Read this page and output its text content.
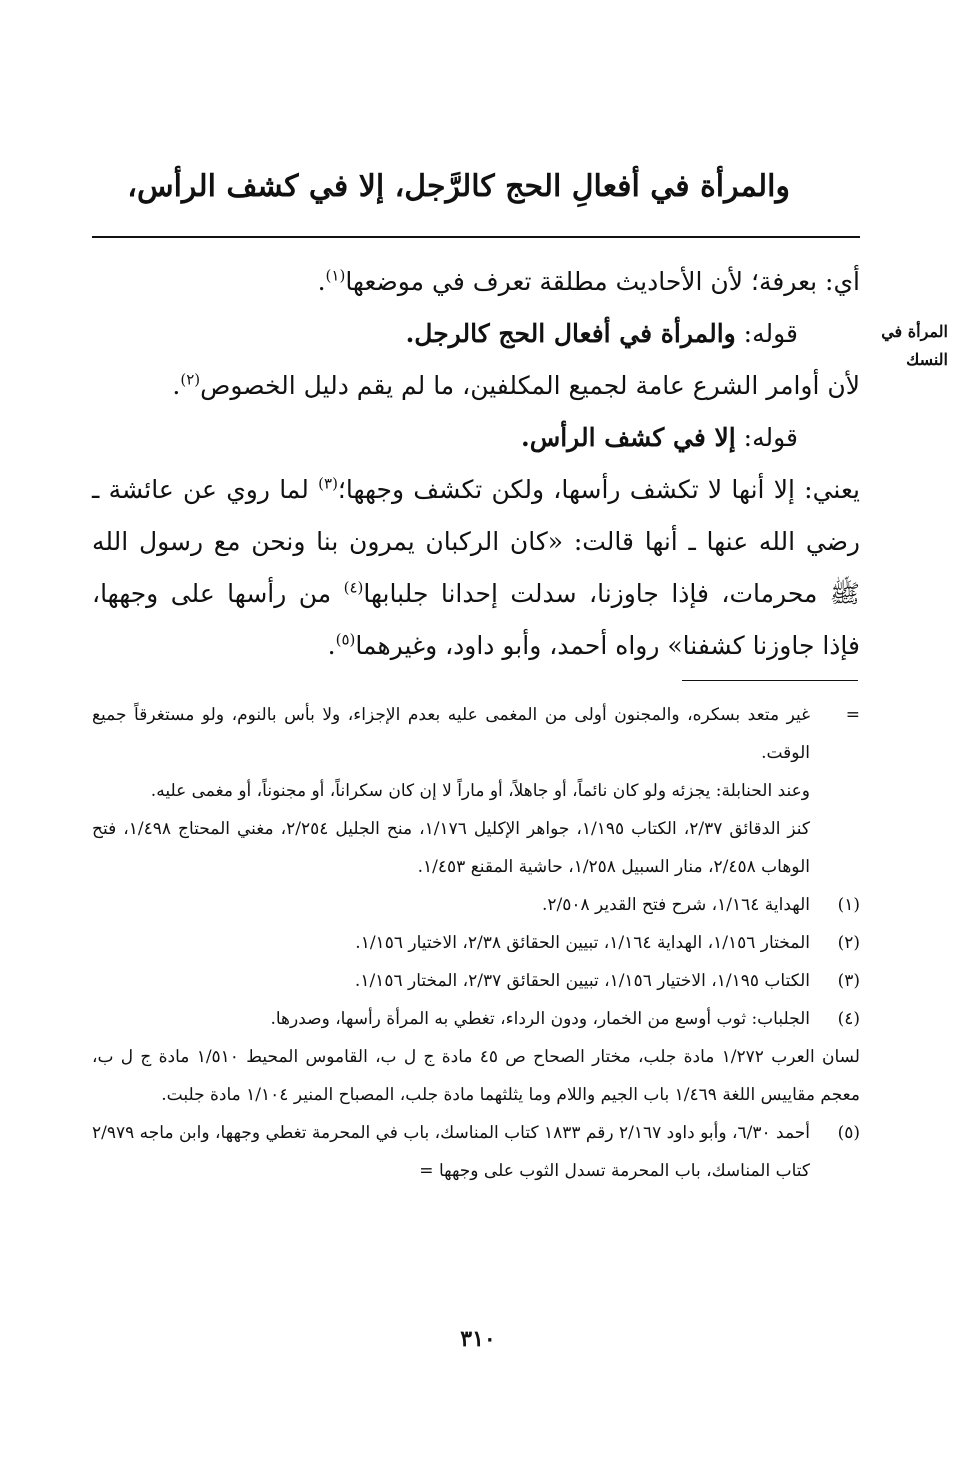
والمرأة في أفعالِ الحج كالرَّجل، إلا في كشف الرأس،
المرأة في
النسك

أي: بعرفة؛ لأن الأحاديث مطلقة تعرف في موضعها$^{(١)}$.

قوله: والمرأة في أفعال الحج كالرجل.

لأن أوامر الشرع عامة لجميع المكلفين، ما لم يقم دليل الخصوص$^{(٢)}$.

قوله: إلا في كشف الرأس.

يعني: إلا أنها لا تكشف رأسها، ولكن تكشف وجهها؛$^{(٣)}$ لما روي عن عائشة ـ رضي الله عنها ـ أنها قالت: «كان الركبان يمرون بنا ونحن مع رسول الله ﷺ محرمات، فإذا جاوزنا، سدلت إحدانا جلبابها$^{(٤)}$ من رأسها على وجهها، فإذا جاوزنا كشفنا» رواه أحمد، وأبو داود، وغيرهما$^{(٥)}$.

=

غير متعد بسكره، والمجنون أولى من المغمى عليه بعدم الإجزاء، ولا بأس بالنوم، ولو مستغرقاً جميع الوقت.

وعند الحنابلة: يجزئه ولو كان نائماً، أو جاهلاً، أو ماراً لا إن كان سكراناً، أو مجنوناً، أو مغمى عليه.

كنز الدقائق ٢/٣٧، الكتاب ١/١٩٥، جواهر الإكليل ١/١٧٦، منح الجليل ٢/٢٥٤، مغني المحتاج ١/٤٩٨، فتح الوهاب ٢/٤٥٨، منار السبيل ١/٢٥٨، حاشية المقنع ١/٤٥٣.

(١)
الهداية ١/١٦٤، شرح فتح القدير ٢/٥٠٨.
(٢)
المختار ١/١٥٦، الهداية ١/١٦٤، تبيين الحقائق ٢/٣٨، الاختيار ١/١٥٦.
(٣)
الكتاب ١/١٩٥، الاختيار ١/١٥٦، تبيين الحقائق ٢/٣٧، المختار ١/١٥٦.
(٤)

الجلباب: ثوب أوسع من الخمار، ودون الرداء، تغطي به المرأة رأسها، وصدرها.

لسان العرب ١/٢٧٢ مادة جلب، مختار الصحاح ص ٤٥ مادة ج ل ب، القاموس المحيط ١/٥١٠ مادة ج ل ب، معجم مقاييس اللغة ١/٤٦٩ باب الجيم واللام وما يثلثهما مادة جلب، المصباح المنير ١/١٠٤ مادة جلبت.
(٥)
أحمد ٦/٣٠، وأبو داود ٢/١٦٧ رقم ١٨٣٣ كتاب المناسك، باب في المحرمة تغطي وجهها، وابن ماجه ٢/٩٧٩ كتاب المناسك، باب المحرمة تسدل الثوب على وجهها =
٣١٠
